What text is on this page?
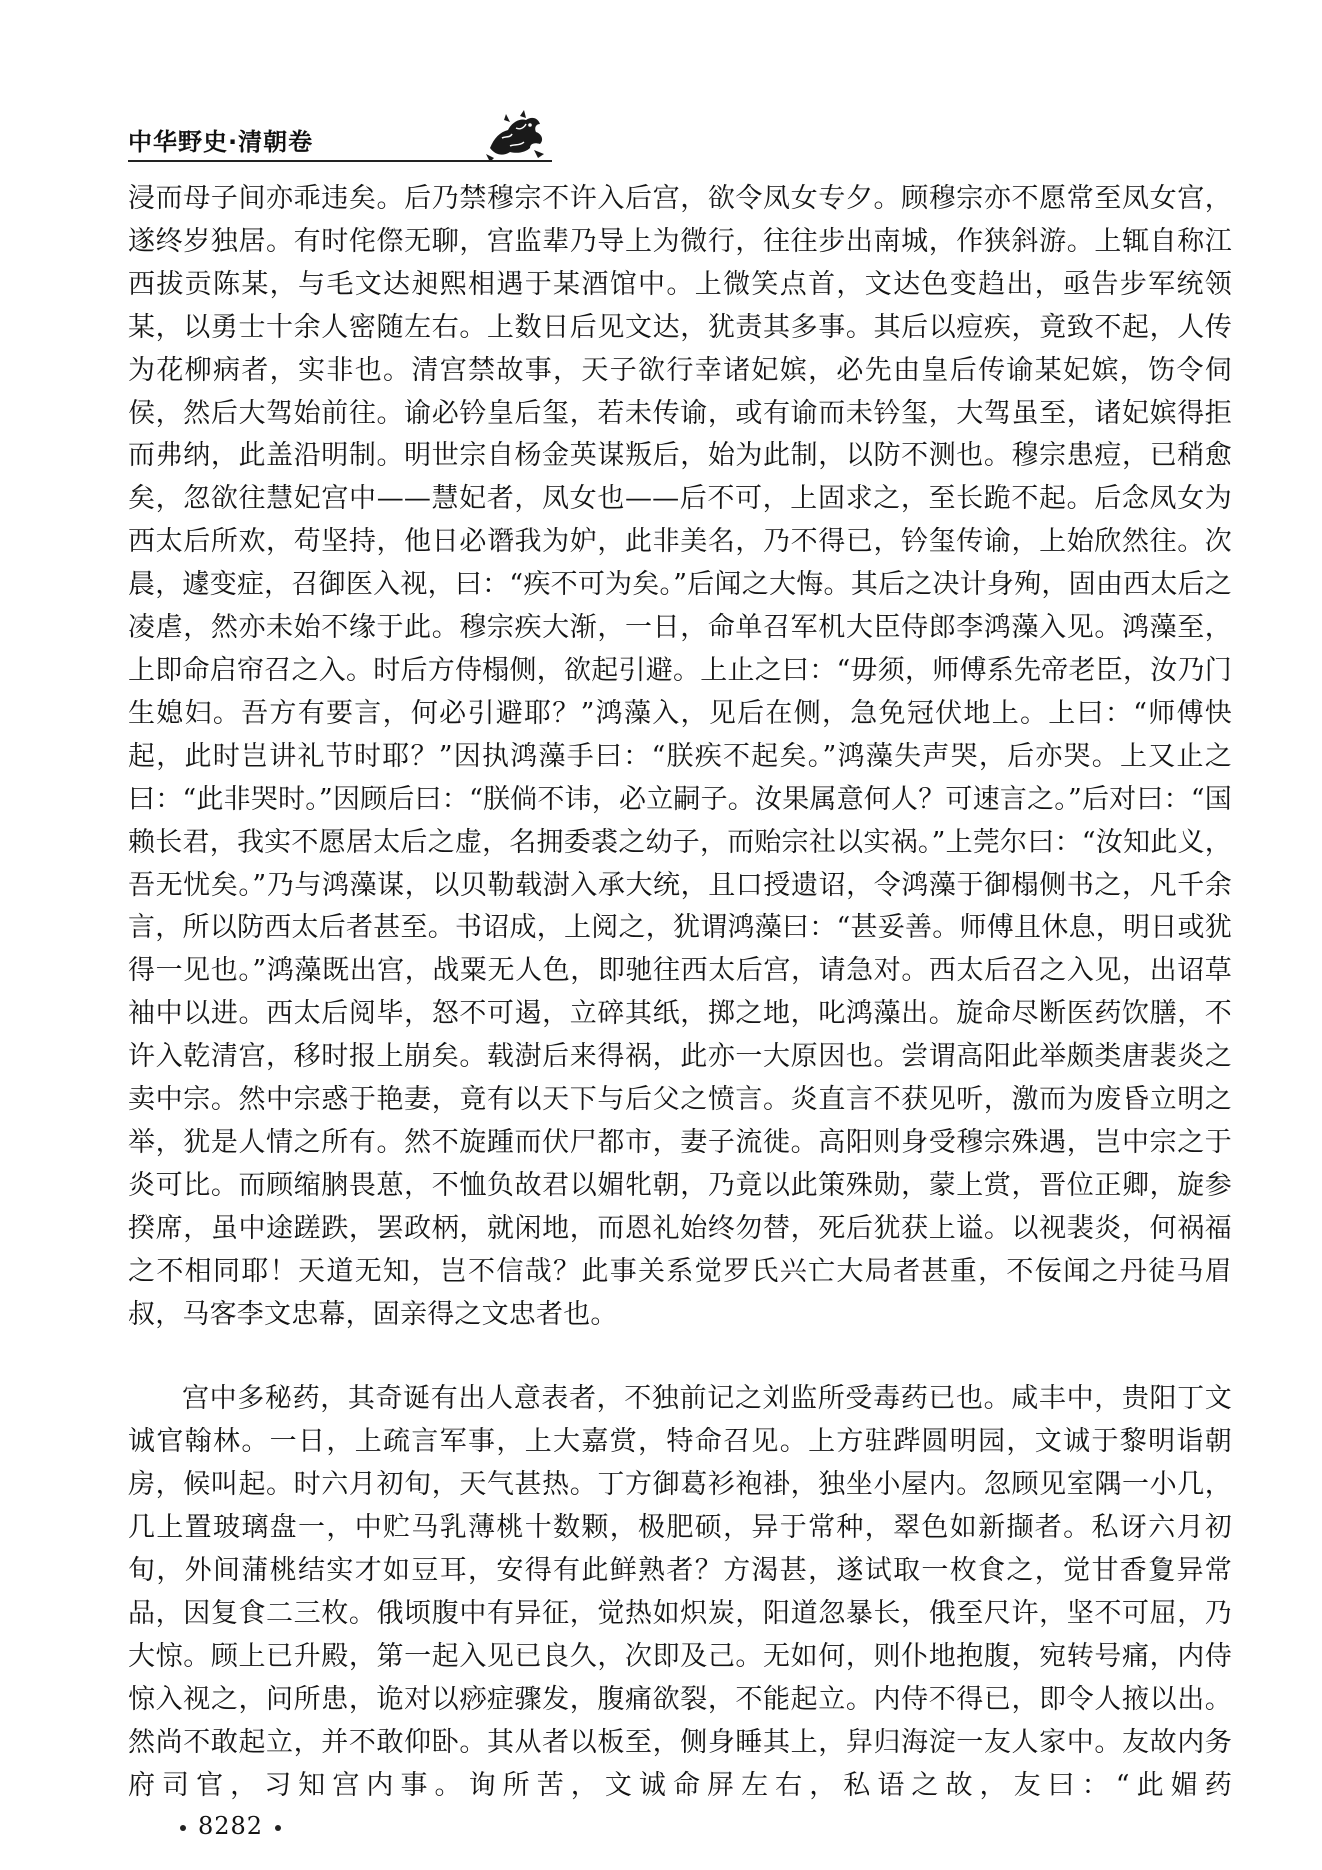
中华野史·清朝卷

浸而母子间亦乖违矣。后乃禁穆宗不许入后宫，欲令凤女专夕。顾穆宗亦不愿常至凤女宫，遂终岁独居。有时侘傺无聊，宫监辈乃导上为微行，往往步出南城，作狭斜游。上辄自称江西拔贡陈某，与毛文达昶熙相遇于某酒馆中。上微笑点首，文达色变趋出，亟告步军统领某，以勇士十余人密随左右。上数日后见文达，犹责其多事。其后以痘疾，竟致不起，人传为花柳病者，实非也。清宫禁故事，天子欲行幸诸妃嫔，必先由皇后传谕某妃嫔，饬令伺侯，然后大驾始前往。谕必钤皇后玺，若未传谕，或有谕而未钤玺，大驾虽至，诸妃嫔得拒而弗纳，此盖沿明制。明世宗自杨金英谋叛后，始为此制，以防不测也。穆宗患痘，已稍愈矣，忽欲往慧妃宫中——慧妃者，凤女也——后不可，上固求之，至长跪不起。后念凤女为西太后所欢，苟坚持，他日必谮我为妒，此非美名，乃不得已，钤玺传谕，上始欣然往。次晨，遽变症，召御医入视，曰：“疾不可为矣。”后闻之大悔。其后之决计身殉，固由西太后之凌虐，然亦未始不缘于此。穆宗疾大渐，一日，命单召军机大臣侍郎李鸿藻入见。鸿藻至，上即命启帘召之入。时后方侍榻侧，欲起引避。上止之曰：“毋须，师傅系先帝老臣，汝乃门生媳妇。吾方有要言，何必引避耶？”鸿藻入，见后在侧，急免冠伏地上。上曰：“师傅快起，此时岂讲礼节时耶？”因执鸿藻手曰：“朕疾不起矣。”鸿藻失声哭，后亦哭。上又止之曰：“此非哭时。”因顾后曰：“朕倘不讳，必立嗣子。汝果属意何人？可速言之。”后对曰：“国赖长君，我实不愿居太后之虚，名拥委裘之幼子，而贻宗社以实祸。”上莞尔曰：“汝知此义，吾无忧矣。”乃与鸿藻谋，以贝勒载澍入承大统，且口授遗诏，令鸿藻于御榻侧书之，凡千余言，所以防西太后者甚至。书诏成，上阅之，犹谓鸿藻曰：“甚妥善。师傅且休息，明日或犹得一见也。”鸿藻既出宫，战粟无人色，即驰往西太后宫，请急对。西太后召之入见，出诏草袖中以进。西太后阅毕，怒不可遏，立碎其纸，掷之地，叱鸿藻出。旋命尽断医药饮膳，不许入乾清宫，移时报上崩矣。载澍后来得祸，此亦一大原因也。尝谓高阳此举颇类唐裴炎之卖中宗。然中宗惑于艳妻，竟有以天下与后父之愤言。炎直言不获见听，激而为废昏立明之举，犹是人情之所有。然不旋踵而伏尸都市，妻子流徙。高阳则身受穆宗殊遇，岂中宗之于炎可比。而顾缩朒畏葸，不恤负故君以媚牝朝，乃竟以此策殊勋，蒙上赏，晋位正卿，旋参揆席，虽中途蹉跌，罢政柄，就闲地，而恩礼始终勿替，死后犹获上谥。以视裴炎，何祸福之不相同耶！天道无知，岂不信哉？此事关系觉罗氏兴亡大局者甚重，不佞闻之丹徒马眉叔，马客李文忠幕，固亲得之文忠者也。

宫中多秘药，其奇诞有出人意表者，不独前记之刘监所受毒药已也。咸丰中，贵阳丁文诚官翰林。一日，上疏言军事，上大嘉赏，特命召见。上方驻跸圆明园，文诚于黎明诣朝房，候叫起。时六月初旬，天气甚热。丁方御葛衫袍褂，独坐小屋内。忽顾见室隅一小几，几上置玻璃盘一，中贮马乳薄桃十数颗，极肥硕，异于常种，翠色如新撷者。私讶六月初旬，外间蒲桃结实才如豆耳，安得有此鲜熟者？方渴甚，遂试取一枚食之，觉甘香夐异常品，因复食二三枚。俄顷腹中有异征，觉热如炽炭，阳道忽暴长，俄至尺许，坚不可屈，乃大惊。顾上已升殿，第一起入见已良久，次即及己。无如何，则仆地抱腹，宛转号痛，内侍惊入视之，问所患，诡对以痧症骤发，腹痛欲裂，不能起立。内侍不得已，即令人掖以出。然尚不敢起立，并不敢仰卧。其从者以板至，侧身睡其上，舁归海淀一友人家中。友故内务府司官，习知宫内事。询所苦，文诚命屏左右，私语之故，友曰：“此媚药

8282
